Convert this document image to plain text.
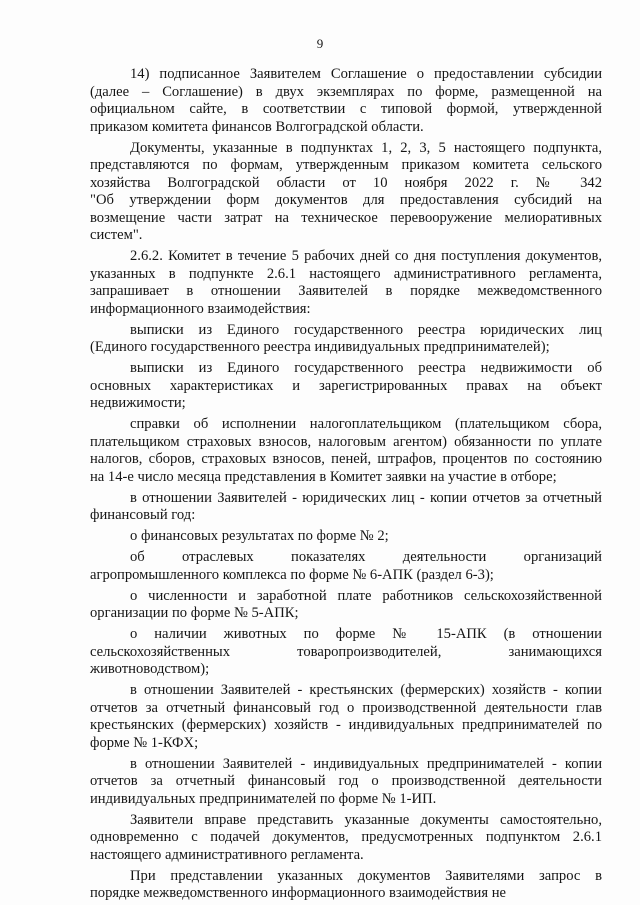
9
14) подписанное Заявителем Соглашение о предоставлении субсидии
(далее – Соглашение) в двух экземплярах по форме, размещенной на
официальном сайте, в соответствии с типовой формой, утвержденной
приказом комитета финансов Волгоградской области.
Документы, указанные в подпунктах 1, 2, 3, 5 настоящего подпункта,
представляются по формам, утвержденным приказом комитета сельского
хозяйства Волгоградской области от 10 ноября 2022 г. № 342
"Об утверждении форм документов для предоставления субсидий на
возмещение части затрат на техническое перевооружение мелиоративных
систем".
2.6.2. Комитет в течение 5 рабочих дней со дня поступления документов,
указанных в подпункте 2.6.1 настоящего административного регламента,
запрашивает в отношении Заявителей в порядке межведомственного
информационного взаимодействия:
выписки из Единого государственного реестра юридических лиц
(Единого государственного реестра индивидуальных предпринимателей);
выписки из Единого государственного реестра недвижимости об
основных характеристиках и зарегистрированных правах на объект
недвижимости;
справки об исполнении налогоплательщиком (плательщиком сбора,
плательщиком страховых взносов, налоговым агентом) обязанности по уплате
налогов, сборов, страховых взносов, пеней, штрафов, процентов по состоянию
на 14-е число месяца представления в Комитет заявки на участие в отборе;
в отношении Заявителей - юридических лиц - копии отчетов за отчетный
финансовый год:
о финансовых результатах по форме № 2;
об отраслевых показателях деятельности организаций
агропромышленного комплекса по форме № 6-АПК (раздел 6-3);
о численности и заработной плате работников сельскохозяйственной
организации по форме № 5-АПК;
о наличии животных по форме № 15-АПК (в отношении
сельскохозяйственных товаропроизводителей, занимающихся
животноводством);
в отношении Заявителей - крестьянских (фермерских) хозяйств - копии
отчетов за отчетный финансовый год о производственной деятельности глав
крестьянских (фермерских) хозяйств - индивидуальных предпринимателей по
форме № 1-КФХ;
в отношении Заявителей - индивидуальных предпринимателей - копии
отчетов за отчетный финансовый год о производственной деятельности
индивидуальных предпринимателей по форме № 1-ИП.
Заявители вправе представить указанные документы самостоятельно,
одновременно с подачей документов, предусмотренных подпунктом 2.6.1
настоящего административного регламента.
При представлении указанных документов Заявителями запрос в
порядке межведомственного информационного взаимодействия не
